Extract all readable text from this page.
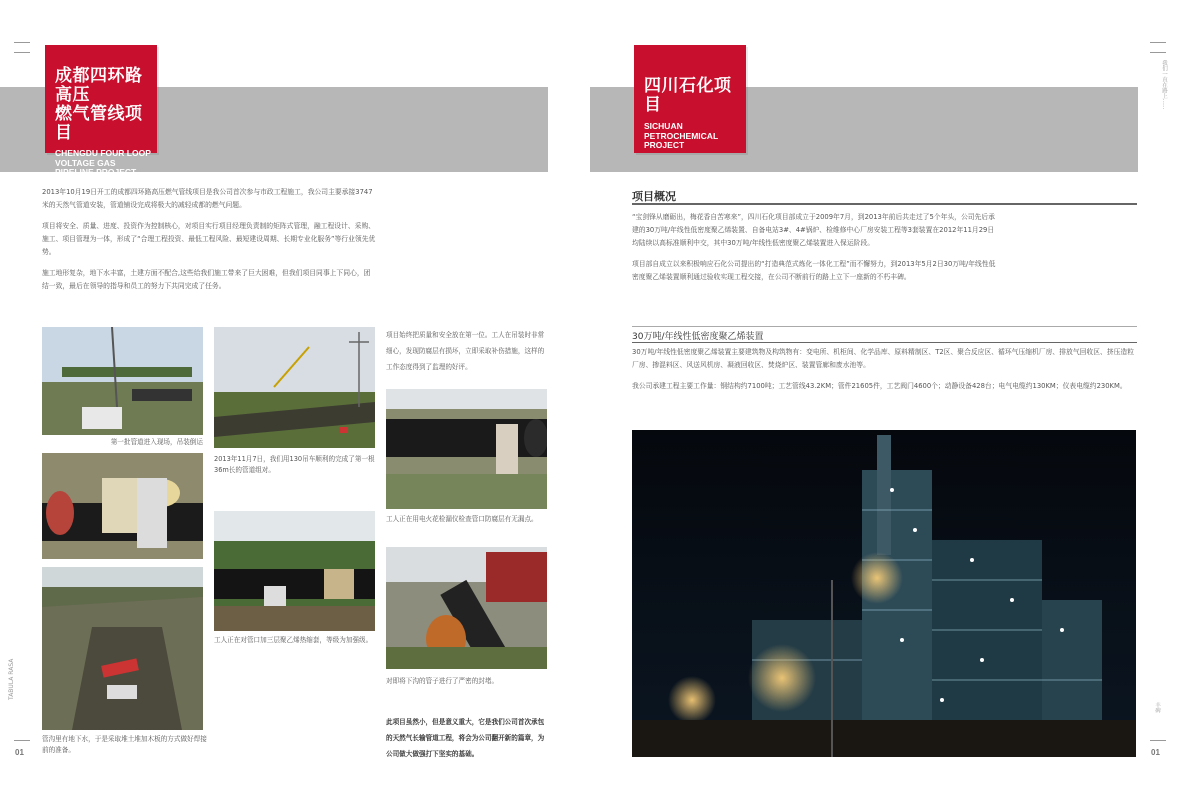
成都四环路高压
燃气管线项目
CHENGDU FOUR LOOP
VOLTAGE GAS
PIPELINE PROJECT

2013年10月19日开工的成都四环路高压燃气管线项目是我公司首次参与市政工程施工，我公司主要承接3747米的天然气管道安装，管道铺设完成将极大的减轻成都的燃气问题。

项目将安全、质量、进度、投资作为控制核心，对项目实行项目经理负责制的矩阵式管理，融工程设计、采购、施工、项目管理为一体，形成了“合理工程投资、最低工程风险、最短建设周期、长期专业化服务”等行业领先优势。

施工地形复杂，地下水丰富，土建方面不配合,这些给我们施工带来了巨大困难，但我们项目同事上下同心，团结一致，最后在领导的指导和员工的努力下共同完成了任务。

第一批管道进入现场，吊装倒运
管沟里有地下水，于是采取堆土堆加木板的方式做好焊接前的准备。
2013年11月7日，我们用130吊车顺利的完成了第一根36m长的管道组对。
工人正在对管口加三层聚乙烯热缩套，等级为加强级。
项目始终把质量和安全放在第一位。工人在吊装时非常细心，发现防腐层有损坏，立即采取补伤措施，这样的工作态度得到了监理的好评。
工人正在用电火花检漏仪检查管口防腐层有无漏点。
对即将下沟的管子进行了严密的封堵。
此项目虽然小，但是意义重大，它是我们公司首次承包的天然气长输管道工程，将会为公司翻开新的篇章，为公司做大做强打下坚实的基础。
TABULA RASA
01
四川石化项目
SICHUAN
PETROCHEMICAL
PROJECT
项目概况

“宝剑锋从磨砺出，梅花香自苦寒来”，四川石化项目部成立于2009年7月，到2013年前后共走过了5个年头，公司先后承建的30万吨/年线性低密度聚乙烯装置、自备电站3#、4#锅炉、检维修中心厂房安装工程等3套装置在2012年11月29日均陆续以高标准顺利中交，其中30万吨/年线性低密度聚乙烯装置进入保运阶段。

项目部自成立以来积极响应石化公司提出的“打造典范式炼化一体化工程”而不懈努力，到2013年5月2日30万吨/年线性低密度聚乙烯装置顺利通过验收实现工程交接，在公司不断前行的路上立下一座新的不朽丰碑。

30万吨/年线性低密度聚乙烯装置

30万吨/年线性低密度聚乙烯装置主要建筑物及构筑物有：变电所、机柜间、化学品库、原料精制区、T2区、聚合反应区、循环气压缩机厂房、排放气回收区、挤压造粒厂房、掺混料区、风送风机房、凝液回收区、焚烧炉区、装置管廊和废水池等。

我公司承建工程主要工作量：钢结构约7100吨；工艺管线43.2KM；管件21605件，工艺阀门4600个；动静设备428台；电气电缆约130KM；仪表电缆约230KM。

我们一直在路上……
丰碑
01
